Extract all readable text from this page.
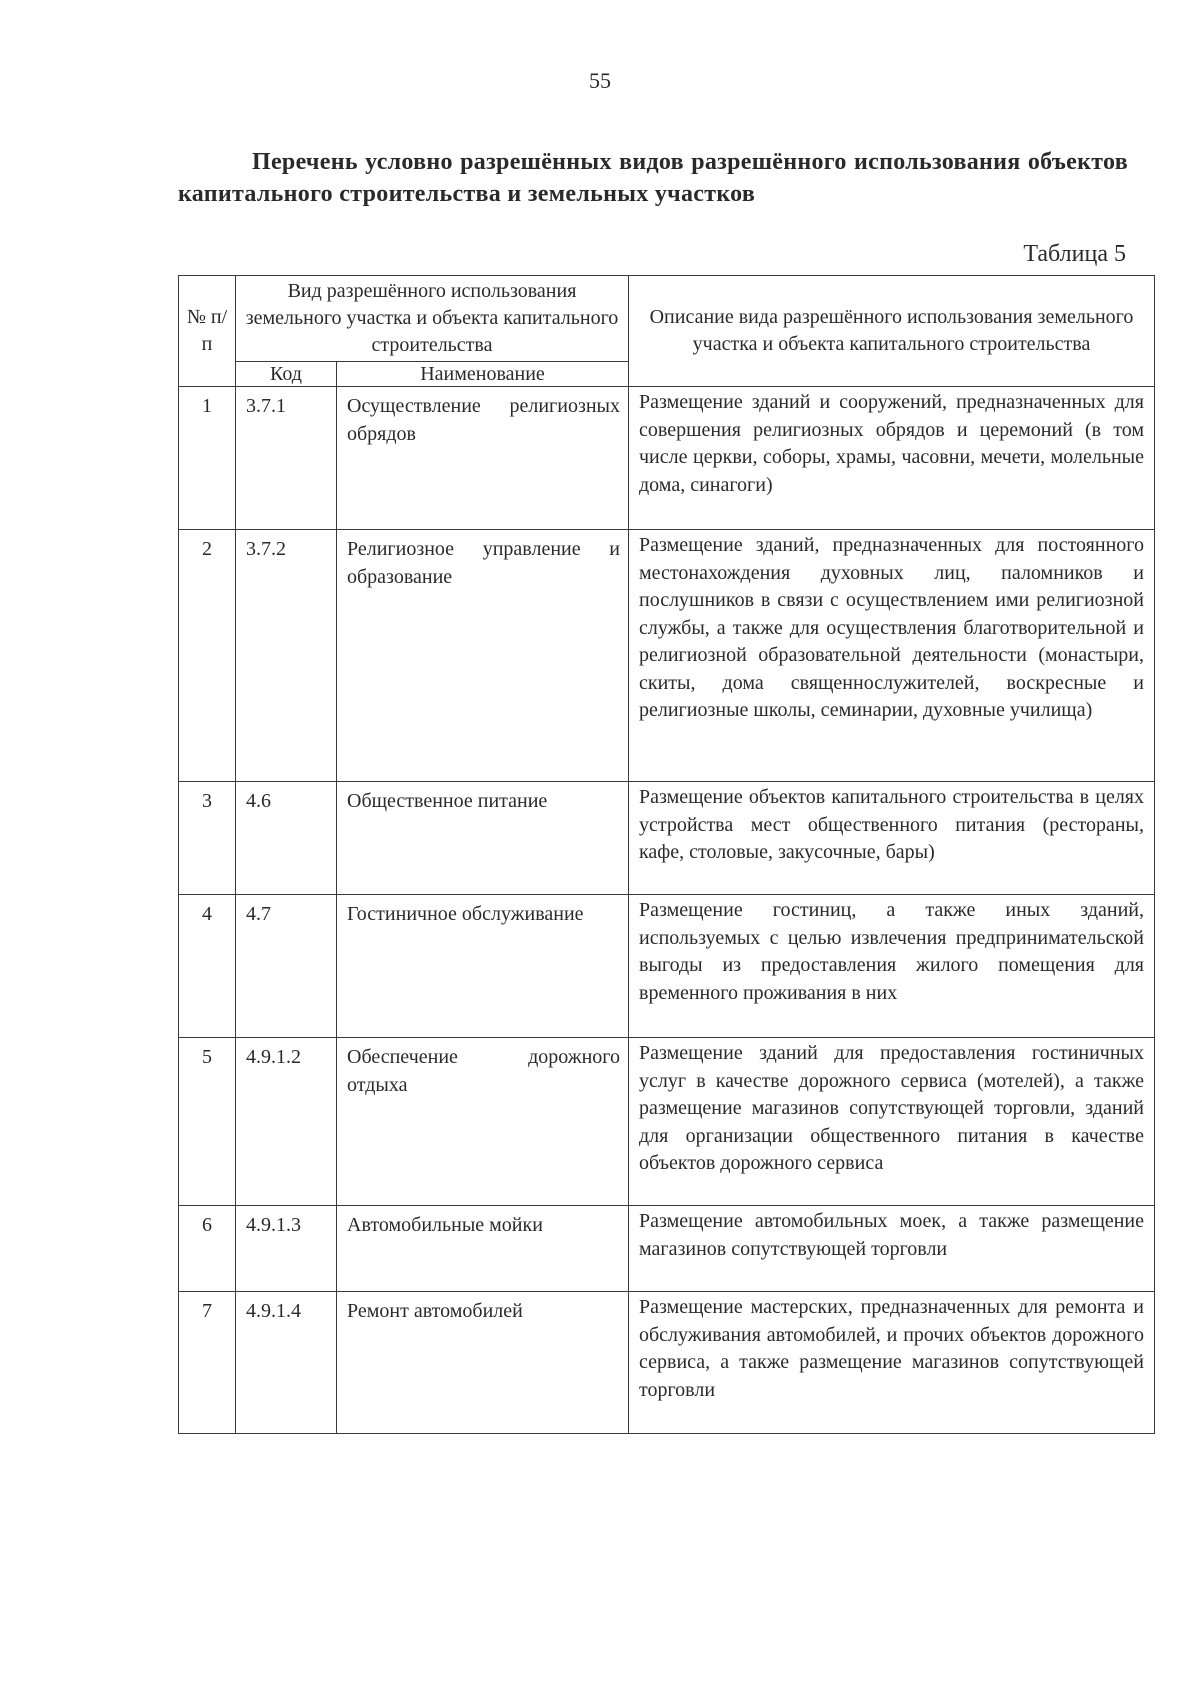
55
Перечень условно разрешённых видов разрешённого использования объектов капитального строительства и земельных участков
Таблица 5
№ п/п	Вид разрешённого использования земельного участка и объекта капитального строительства		Описание вида разрешённого использования земельного участка и объекта капитального строительства
	Код	Наименование	
1	3.7.1	Осуществление религиозных обрядов	Размещение зданий и сооружений, предназначенных для совершения религиозных обрядов и церемоний (в том числе церкви, соборы, храмы, часовни, мечети, молельные дома, синагоги)
2	3.7.2	Религиозное управление и образование	Размещение зданий, предназначенных для постоянного местонахождения духовных лиц, паломников и послушников в связи с осуществлением ими религиозной службы, а также для осуществления благотворительной и религиозной образовательной деятельности (монастыри, скиты, дома священнослужителей, воскресные и религиозные школы, семинарии, духовные училища)
3	4.6	Общественное питание	Размещение объектов капитального строительства в целях устройства мест общественного питания (рестораны, кафе, столовые, закусочные, бары)
4	4.7	Гостиничное обслуживание	Размещение гостиниц, а также иных зданий, используемых с целью извлечения предпринимательской выгоды из предоставления жилого помещения для временного проживания в них
5	4.9.1.2	Обеспечение дорожного отдыха	Размещение зданий для предоставления гостиничных услуг в качестве дорожного сервиса (мотелей), а также размещение магазинов сопутствующей торговли, зданий для организации общественного питания в качестве объектов дорожного сервиса
6	4.9.1.3	Автомобильные мойки	Размещение автомобильных моек, а также размещение магазинов сопутствующей торговли
7	4.9.1.4	Ремонт автомобилей	Размещение мастерских, предназначенных для ремонта и обслуживания автомобилей, и прочих объектов дорожного сервиса, а также размещение магазинов сопутствующей торговли
